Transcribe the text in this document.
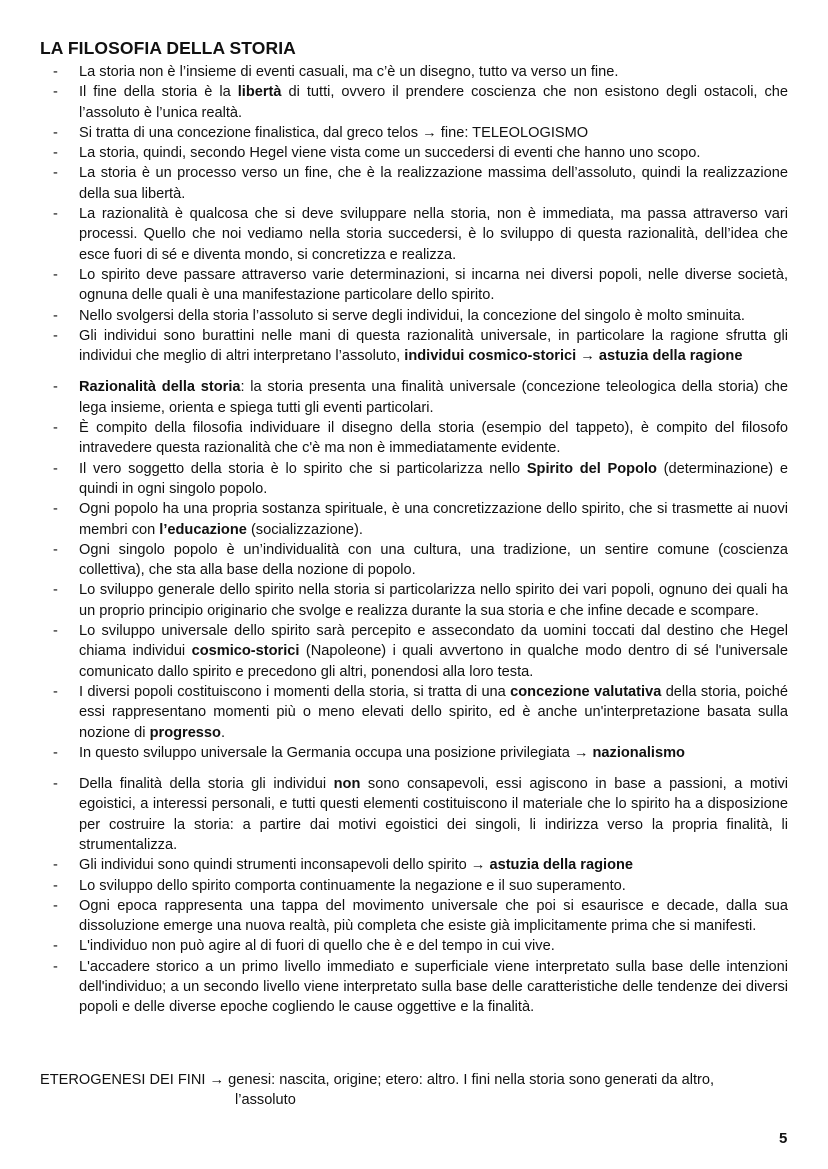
LA FILOSOFIA DELLA STORIA
- La storia non è l’insieme di eventi casuali, ma c’è un disegno, tutto va verso un fine.
- Il fine della storia è la libertà di tutti, ovvero il prendere coscienza che non esistono degli ostacoli, che l’assoluto è l’unica realtà.
- Si tratta di una concezione finalistica, dal greco telos → fine: TELEOLOGISMO
- La storia, quindi, secondo Hegel viene vista come un succedersi di eventi che hanno uno scopo.
- La storia è un processo verso un fine, che è la realizzazione massima dell’assoluto, quindi la realizzazione della sua libertà.
- La razionalità è qualcosa che si deve sviluppare nella storia, non è immediata, ma passa attraverso vari processi. Quello che noi vediamo nella storia succedersi, è lo sviluppo di questa razionalità, dell’idea che esce fuori di sé e diventa mondo, si concretizza e realizza.
- Lo spirito deve passare attraverso varie determinazioni, si incarna nei diversi popoli, nelle diverse società, ognuna delle quali è una manifestazione particolare dello spirito.
- Nello svolgersi della storia l’assoluto si serve degli individui, la concezione del singolo è molto sminuita.
- Gli individui sono burattini nelle mani di questa razionalità universale, in particolare la ragione sfrutta gli individui che meglio di altri interpretano l’assoluto, individui cosmico-storici → astuzia della ragione
- Razionalità della storia: la storia presenta una finalità universale (concezione teleologica della storia) che lega insieme, orienta e spiega tutti gli eventi particolari.
- È compito della filosofia individuare il disegno della storia (esempio del tappeto), è compito del filosofo intravedere questa razionalità che c'è ma non è immediatamente evidente.
- Il vero soggetto della storia è lo spirito che si particolarizza nello Spirito del Popolo (determinazione) e quindi in ogni singolo popolo.
- Ogni popolo ha una propria sostanza spirituale, è una concretizzazione dello spirito, che si trasmette ai nuovi membri con l’educazione (socializzazione).
- Ogni singolo popolo è un’individualità con una cultura, una tradizione, un sentire comune (coscienza collettiva), che sta alla base della nozione di popolo.
- Lo sviluppo generale dello spirito nella storia si particolarizza nello spirito dei vari popoli, ognuno dei quali ha un proprio principio originario che svolge e realizza durante la sua storia e che infine decade e scompare.
- Lo sviluppo universale dello spirito sarà percepito e assecondato da uomini toccati dal destino che Hegel chiama individui cosmico-storici (Napoleone) i quali avvertono in qualche modo dentro di sé l'universale comunicato dallo spirito e precedono gli altri, ponendosi alla loro testa.
- I diversi popoli costituiscono i momenti della storia, si tratta di una concezione valutativa della storia, poiché essi rappresentano momenti più o meno elevati dello spirito, ed è anche un'interpretazione basata sulla nozione di progresso.
- In questo sviluppo universale la Germania occupa una posizione privilegiata → nazionalismo
- Della finalità della storia gli individui non sono consapevoli, essi agiscono in base a passioni, a motivi egoistici, a interessi personali, e tutti questi elementi costituiscono il materiale che lo spirito ha a disposizione per costruire la storia: a partire dai motivi egoistici dei singoli, li indirizza verso la propria finalità, li strumentalizza.
- Gli individui sono quindi strumenti inconsapevoli dello spirito → astuzia della ragione
- Lo sviluppo dello spirito comporta continuamente la negazione e il suo superamento.
- Ogni epoca rappresenta una tappa del movimento universale che poi si esaurisce e decade, dalla sua dissoluzione emerge una nuova realtà, più completa che esiste già implicitamente prima che si manifesti.
- L'individuo non può agire al di fuori di quello che è e del tempo in cui vive.
- L'accadere storico a un primo livello immediato e superficiale viene interpretato sulla base delle intenzioni dell'individuo; a un secondo livello viene interpretato sulla base delle caratteristiche delle tendenze dei diversi popoli e delle diverse epoche cogliendo le cause oggettive e la finalità.
ETEROGENESI DEI FINI → genesi: nascita, origine; etero: altro. I fini nella storia sono generati da altro,
l’assoluto
5
